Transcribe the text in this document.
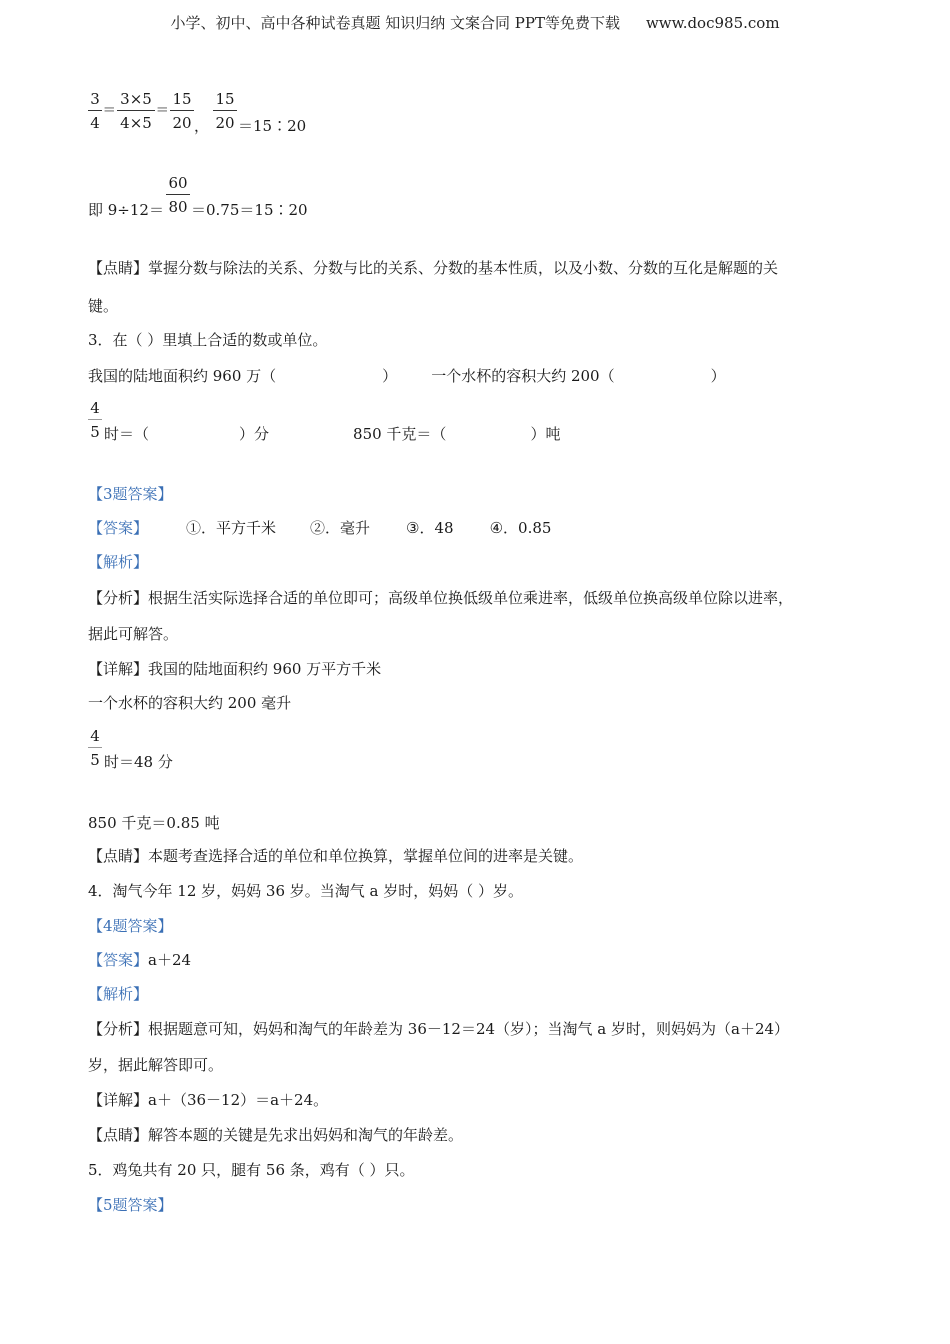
小学、初中、高中各种试卷真题 知识归纳 文案合同 PPT等免费下载 www.doc985.com
$\frac{3}{4} = \frac{3\times 5}{4\times 5} = \frac{15}{20}$ ， $\frac{15}{20}$ ＝15∶20
即 $9\div 12= \frac{60}{80}$ ＝0.75＝15∶20
【点睛】掌握分数与除法的关系、分数与比的关系、分数的基本性质，以及小数、分数的互化是解题的关
键。
3．在（ ）里填上合适的数或单位。
我国的陆地面积约 960 万（	） 一个水杯的容积大约 200（	）
4
5 时＝（	）分	850 千克＝（	）吨
【3题答案】
【答案】	①．平方千米 ②．毫升 ③．48 ④．0.85
【解析】
【分析】根据生活实际选择合适的单位即可；高级单位换低级单位乘进率，低级单位换高级单位除以进率，
据此可解答。
【详解】我国的陆地面积约 960 万平方千米
一个水杯的容积大约 200 毫升
4
5 时＝48 分
850 千克＝0.85 吨
【点睛】本题考查选择合适的单位和单位换算，掌握单位间的进率是关键。
4．淘气今年 12 岁，妈妈 36 岁。当淘气 a 岁时，妈妈（ ）岁。
【4题答案】
【答案】a＋24
【解析】
【分析】根据题意可知，妈妈和淘气的年龄差为 36－12＝24（岁）；当淘气 a 岁时，则妈妈为（a＋24）
岁，据此解答即可。
【详解】a＋（36－12）＝a＋24。
【点睛】解答本题的关键是先求出妈妈和淘气的年龄差。
5．鸡兔共有 20 只，腿有 56 条，鸡有（ ）只。
【5题答案】
